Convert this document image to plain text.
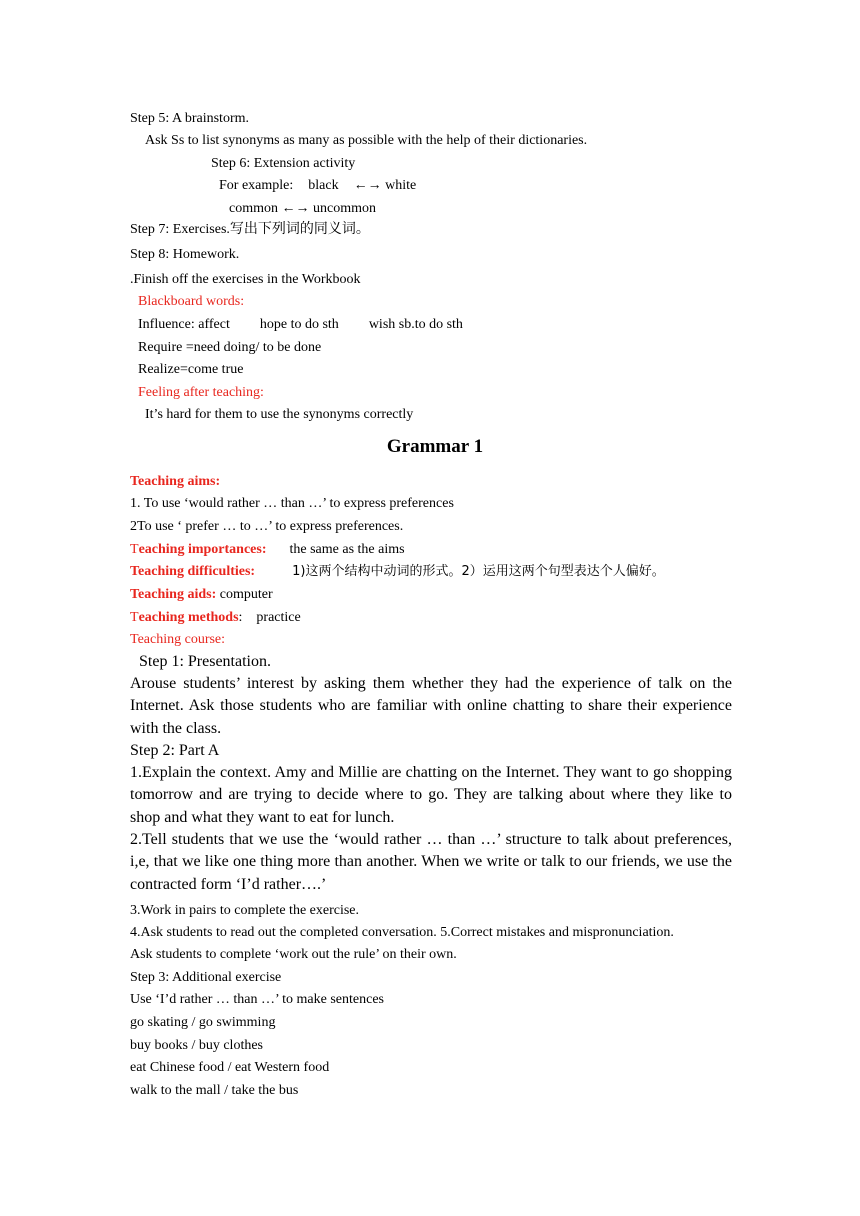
Step 5: A brainstorm.
Ask Ss to list synonyms as many as possible with the help of their dictionaries.
Step 6: Extension activity
For example: black ←→ white
common ←→ uncommon
Step 7: Exercises.写出下列词的同义词。
Step 8: Homework.
.Finish off the exercises in the Workbook
Blackboard words:
Influence: affect hope to do sth wish sb.to do sth
Require =need doing/ to be done
Realize=come true
Feeling after teaching:
It’s hard for them to use the synonyms correctly
Grammar 1
Teaching aims:
1. To use ‘would rather … than …’ to express preferences
2To use ‘ prefer … to …’ to express preferences.
Teaching importances: the same as the aims
Teaching difficulties:	1)这两个结构中动词的形式。2）运用这两个句型表达个人偏好。
Teaching aids: computer
Teaching methods:    practice
Teaching course:
Step 1: Presentation.
Arouse students’ interest by asking them whether they had the experience of talk on the Internet. Ask those students who are familiar with online chatting to share their experience with the class.
Step 2: Part A
1.Explain the context. Amy and Millie are chatting on the Internet. They want to go shopping tomorrow and are trying to decide where to go. They are talking about where they like to shop and what they want to eat for lunch.
2.Tell students that we use the ‘would rather … than …’ structure to talk about preferences, i,e, that we like one thing more than another. When we write or talk to our friends, we use the contracted form ‘I’d rather….’
3.Work in pairs to complete the exercise.
4.Ask students to read out the completed conversation. 5.Correct mistakes and mispronunciation.
Ask students to complete ‘work out the rule’ on their own.
Step 3: Additional exercise
Use ‘I’d rather … than …’ to make sentences
go skating / go swimming
buy books / buy clothes
eat Chinese food / eat Western food
walk to the mall / take the bus
